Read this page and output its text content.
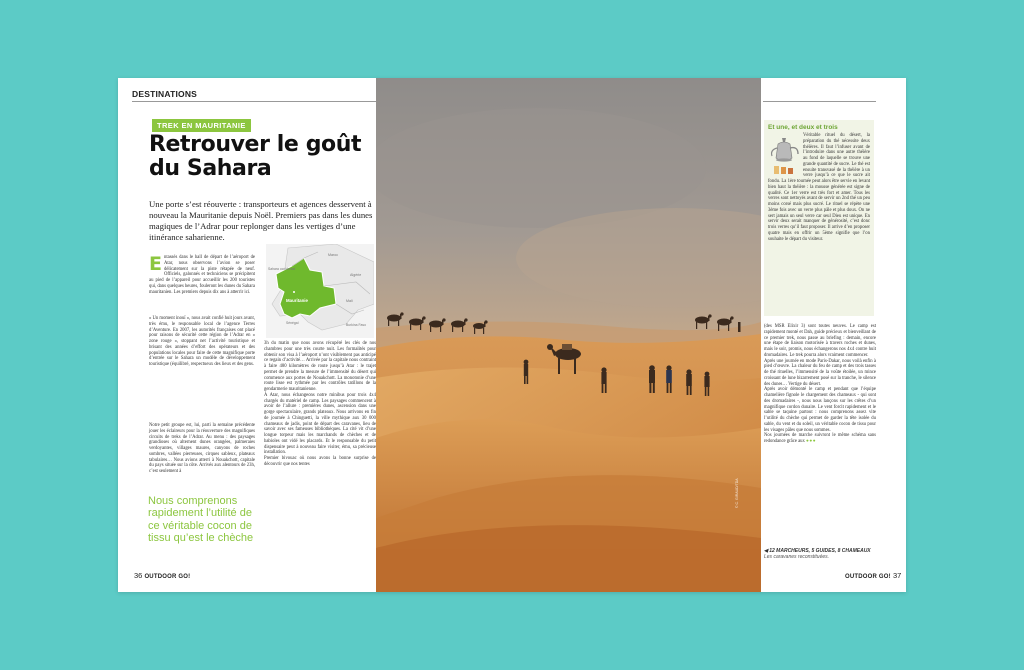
DESTINATIONS
TREK EN MAURITANIE
Retrouver le goût
du Sahara
Une porte s’est réouverte : transporteurs et agences desservent à nouveau la Mauritanie depuis Noël. Premiers pas dans les dunes magiques de l’Adrar pour replonger dans les vertiges d’une itinérance saharienne.
Maroc
Algérie
Sahara occidental
Mauritanie	Mali
Burkina Faso
Sénégal
E ntassés dans le hall de départ de l’aéroport de Atar, nous observons l’avion se poser délicatement sur la piste rétapée de neuf. Officiels, galonnés et techniciens se précipitent au pied de l’appareil pour accueillir les 200 touristes qui, dans quelques heures, fouleront les dunes du Sahara mauritanien. Les premiers depuis dix ans à atterrir ici.

« Un moment inouï », nous avait confié huit jours avant, très ému, le responsable local de l’agence Terres d’Aventure. En 2007, les autorités françaises ont placé pour raisons de sécurité cette région de l’Adrar en « zone rouge », stoppant net l’activité touristique et brisant des années d’effort des opérateurs et des populations locales pour faire de cette magnifique porte d’entrée sur le Sahara un modèle de développement touristique (équilibré, respectueux des lieux et des gens.

Notre petit groupe est, lui, parti la semaine précédente jouer les éclaireurs pour la réouverture des magnifiques circuits de treks de l’Adrar. Au menu : des paysages grandioses où alternent dunes orangées, palmeraies verdoyantes, villages maures, canyons de roches sombres, vallées pierreuses, cirques sableux, plateaux tabulaires… Nous avions atterri à Nouakchott, capitale du pays située sur la côte. Arrivés aux alentours de 23h, c’est seulement à

Nous comprenons rapidement l’utilité de ce véritable cocon de tissu qu’est le chèche

3h du matin que nous avons récupéré les clés de nos chambres pour une très courte nuit. Les formalités pour obtenir son visa à l’aéroport n’ont visiblement pas anticipé ce regain d’activité… Arrivée par la capitale nous contraint à faire 480 kilomètres de route jusqu’à Atar : le trajet permet de prendre la mesure de l’immensité du désert qui commence aux portes de Nouakchott. La monotonie d’une route lisse est rythmée par les contrôles tatillons de la gendarmerie mauritanienne.

À Atar, nous échangeons notre minibus pour trois 4x4 chargés du matériel de camp. Les paysages commencent à avoir de l’allure : premières dunes, ascension dans une gorge spectaculaire, grands plateaux. Nous arrivons en fin de journée à Chinguetti, la ville mythique aux 30 000 chameaux de jadis, point de départ des caravanes, lieu de savoir avec ses fameuses bibliothèques. La cité vit d’une longue torpeur mais les marchands de chèches et de babioles ont vidé les placards. Et le responsable du petit dispensaire peut à nouveau faire visiter, ému, sa précieuse installation.

Premier bivouac où nous avons la bonne surprise de découvrir que nos tentes

36 OUTDOOR GO!
© C. GIRAUD/TDA
Et une, et deux et trois
Véritable rituel du désert, la préparation du thé nécessite deux théières. Il faut l’infuser avant de l’introduire dans une autre théière au fond de laquelle se trouve une grande quantité de sucre. Le thé est ensuite transvasé de la théière à un verre jusqu’à ce que le sucre ait fondu. La 1ère tournée peut alors être servie en levant bien haut la théière : la mousse générée est signe de qualité. Ce 1er verre est très fort et amer. Tous les verres sont nettoyés avant de servir un 2nd thé un peu moins corsé mais plus sucré. Le rituel se répète une 3ème fois avec un verre plus pâle et plus doux. On ne sert jamais un seul verre car seul Dieu est unique. En servir deux serait manquer de générosité, c’est donc trois verres qu’il faut proposer. Il arrive d’en proposer quatre mais en offrir un 5ème signifie que l’on souhaite le départ du visiteur.

(des MSR Elixir 3) sont toutes neuves. Le camp est rapidement monté et Dah, guide précieux et bienveillant de ce premier trek, nous passe au briefing : demain, encore une étape de liaison motorisée à travers roches et dunes, mais le soir, promis, nous échangerons nos 4x4 contre huit dromadaires. Le trek pourra alors vraiment commencer.

Après une journée en mode Paris-Dakar, nous voilà enfin à pied d’œuvre. La chaleur du feu de camp et des trois tasses de thé rituelles, l’immensité de la voûte étoilée, un mince croissant de lune bizarrement posé sur la tranche, le silence des dunes… Vertige du désert.

Après avoir démonté le camp et pendant que l’équipe chamelière fignole le chargement des chameaux - qui sont des dromadaires -, nous nous lançons sur les crêtes d’un magnifique cordon dunaire. Le vent forcit rapidement et le sable se taquine partout : nous comprenons assez vite l’utilité du chèche qui permet de garder la tête isolée du sable, du vent et du soleil, un véritable cocon de tissu pour les visages pâles que nous sommes.

Nos journées de marche suivront le même schéma sans redondance grâce aux ●●●

◀ 12 MARCHEURS, 5 GUIDES, 8 CHAMEAUX
Les caravanes reconstituées.
OUTDOOR GO! 37
